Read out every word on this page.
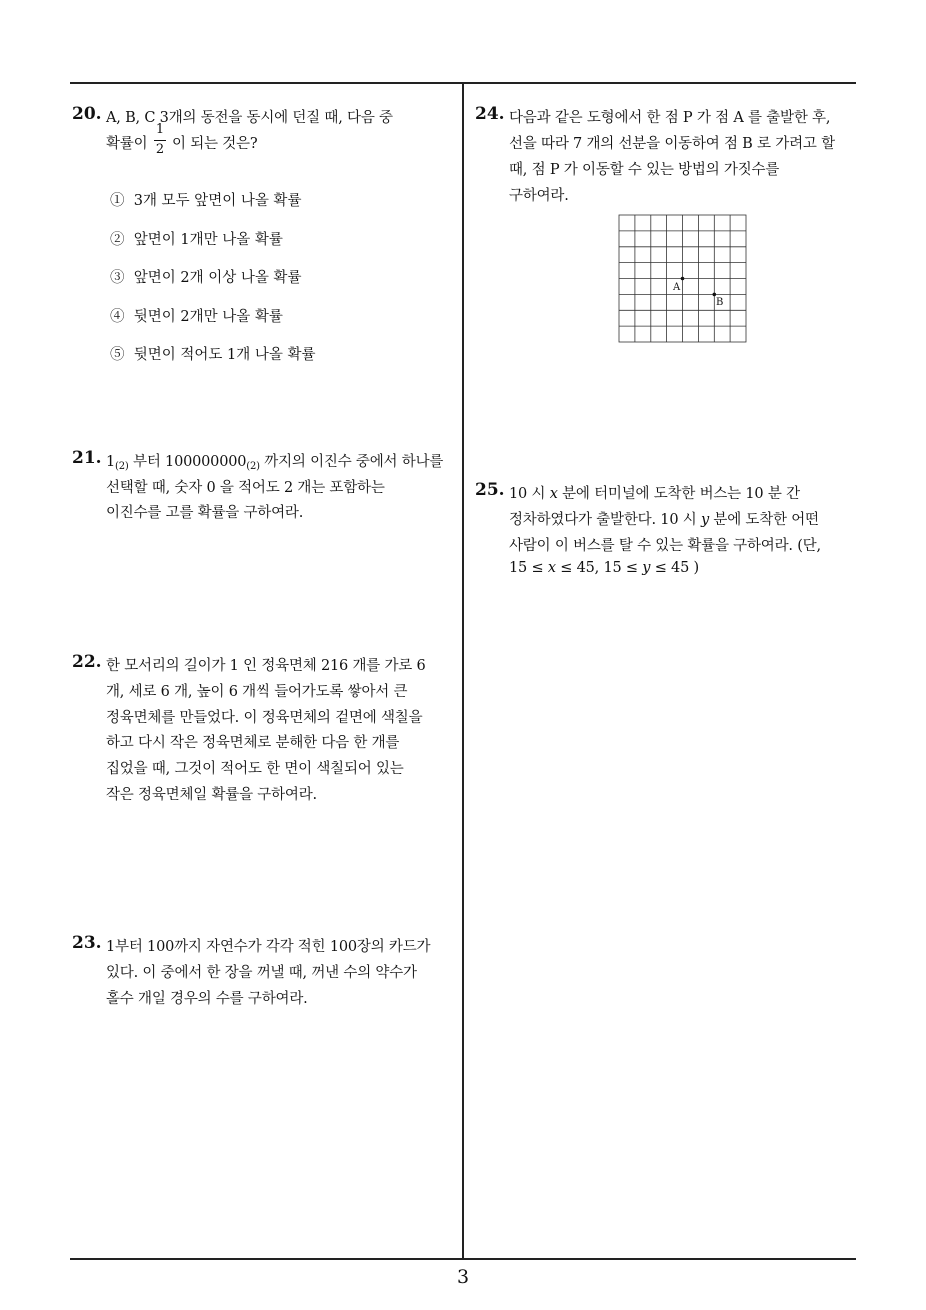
20. A, B, C 3개의 동전을 동시에 던질 때, 다음 중
확률이
1
2 이 되는 것은?
① 3개 모두 앞면이 나올 확률
② 앞면이 1개만 나올 확률
③ 앞면이 2개 이상 나올 확률
④ 뒷면이 2개만 나올 확률
⑤ 뒷면이 적어도 1개 나올 확률
21. $1_{(2)}$ 부터 $100000000_{(2)}$ 까지의 이진수 중에서 하나를
선택할 때, 숫자 0 을 적어도 2 개는 포함하는
이진수를 고를 확률을 구하여라.
22. 한 모서리의 길이가 1 인 정육면체 216 개를 가로 6
개, 세로 6 개, 높이 6 개씩 들어가도록 쌓아서 큰
정육면체를 만들었다. 이 정육면체의 겉면에 색칠을
하고 다시 작은 정육면체로 분해한 다음 한 개를
집었을 때, 그것이 적어도 한 면이 색칠되어 있는
작은 정육면체일 확률을 구하여라.
23. 1부터 100까지 자연수가 각각 적힌 100장의 카드가
있다. 이 중에서 한 장을 꺼낼 때, 꺼낸 수의 약수가
홀수 개일 경우의 수를 구하여라.
24. 다음과 같은 도형에서 한 점 P 가 점 A 를 출발한 후,
선을 따라 7 개의 선분을 이동하여 점 B 로 가려고 할
때, 점 P 가 이동할 수 있는 방법의 가짓수를
구하여라.
A
B
25. 10 시 x 분에 터미널에 도착한 버스는 10 분 간
정차하였다가 출발한다. 10 시 y 분에 도착한 어떤
사람이 이 버스를 탈 수 있는 확률을 구하여라. (단,
15 ≤ x ≤ 45, 15 ≤ y ≤ 45 )
3
